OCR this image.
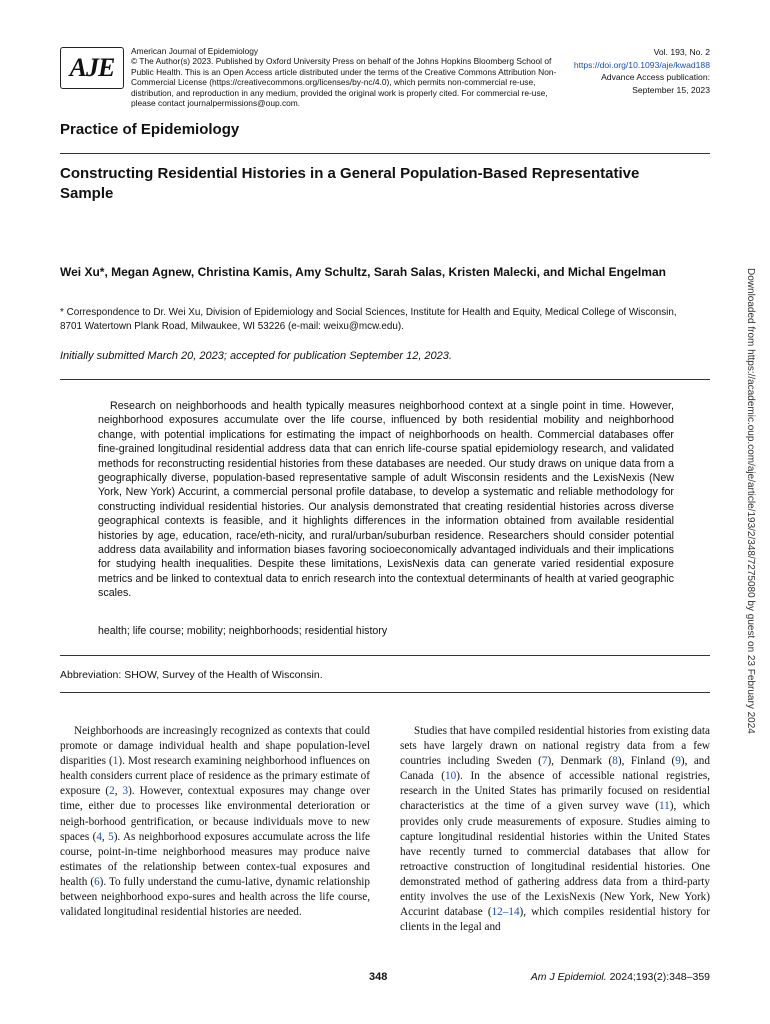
AJE
American Journal of Epidemiology
© The Author(s) 2023. Published by Oxford University Press on behalf of the Johns Hopkins Bloomberg School of Public Health. This is an Open Access article distributed under the terms of the Creative Commons Attribution Non-Commercial License (https://creativecommons.org/licenses/by-nc/4.0), which permits non-commercial re-use, distribution, and reproduction in any medium, provided the original work is properly cited. For commercial re-use, please contact journalpermissions@oup.com.
Vol. 193, No. 2
https://doi.org/10.1093/aje/kwad188
Advance Access publication:
September 15, 2023
Practice of Epidemiology
Constructing Residential Histories in a General Population-Based Representative Sample
Wei Xu*, Megan Agnew, Christina Kamis, Amy Schultz, Sarah Salas, Kristen Malecki, and Michal Engelman
* Correspondence to Dr. Wei Xu, Division of Epidemiology and Social Sciences, Institute for Health and Equity, Medical College of Wisconsin, 8701 Watertown Plank Road, Milwaukee, WI 53226 (e-mail: weixu@mcw.edu).
Initially submitted March 20, 2023; accepted for publication September 12, 2023.
Research on neighborhoods and health typically measures neighborhood context at a single point in time. However, neighborhood exposures accumulate over the life course, influenced by both residential mobility and neighborhood change, with potential implications for estimating the impact of neighborhoods on health. Commercial databases offer fine-grained longitudinal residential address data that can enrich life-course spatial epidemiology research, and validated methods for reconstructing residential histories from these databases are needed. Our study draws on unique data from a geographically diverse, population-based representative sample of adult Wisconsin residents and the LexisNexis (New York, New York) Accurint, a commercial personal profile database, to develop a systematic and reliable methodology for constructing individual residential histories. Our analysis demonstrated that creating residential histories across diverse geographical contexts is feasible, and it highlights differences in the information obtained from available residential histories by age, education, race/eth-nicity, and rural/urban/suburban residence. Researchers should consider potential address data availability and information biases favoring socioeconomically advantaged individuals and their implications for studying health inequalities. Despite these limitations, LexisNexis data can generate varied residential exposure metrics and be linked to contextual data to enrich research into the contextual determinants of health at varied geographic scales.
health; life course; mobility; neighborhoods; residential history
Abbreviation: SHOW, Survey of the Health of Wisconsin.
Neighborhoods are increasingly recognized as contexts that could promote or damage individual health and shape population-level disparities (1). Most research examining neighborhood influences on health considers current place of residence as the primary estimate of exposure (2, 3). However, contextual exposures may change over time, either due to processes like environmental deterioration or neigh-borhood gentrification, or because individuals move to new spaces (4, 5). As neighborhood exposures accumulate across the life course, point-in-time neighborhood measures may produce naive estimates of the relationship between contex-tual exposures and health (6). To fully understand the cumu-lative, dynamic relationship between neighborhood expo-sures and health across the life course, validated longitudinal residential histories are needed.
Studies that have compiled residential histories from existing data sets have largely drawn on national registry data from a few countries including Sweden (7), Denmark (8), Finland (9), and Canada (10). In the absence of accessible national registries, research in the United States has primarily focused on residential characteristics at the time of a given survey wave (11), which provides only crude measurements of exposure. Studies aiming to capture longitudinal residential histories within the United States have recently turned to commercial databases that allow for retroactive construction of longitudinal residential histories. One demonstrated method of gathering address data from a third-party entity involves the use of the LexisNexis (New York, New York) Accurint database (12–14), which compiles residential history for clients in the legal and
348	Am J Epidemiol. 2024;193(2):348–359
Downloaded from https://academic.oup.com/aje/article/193/2/348/7275080 by guest on 23 February 2024
